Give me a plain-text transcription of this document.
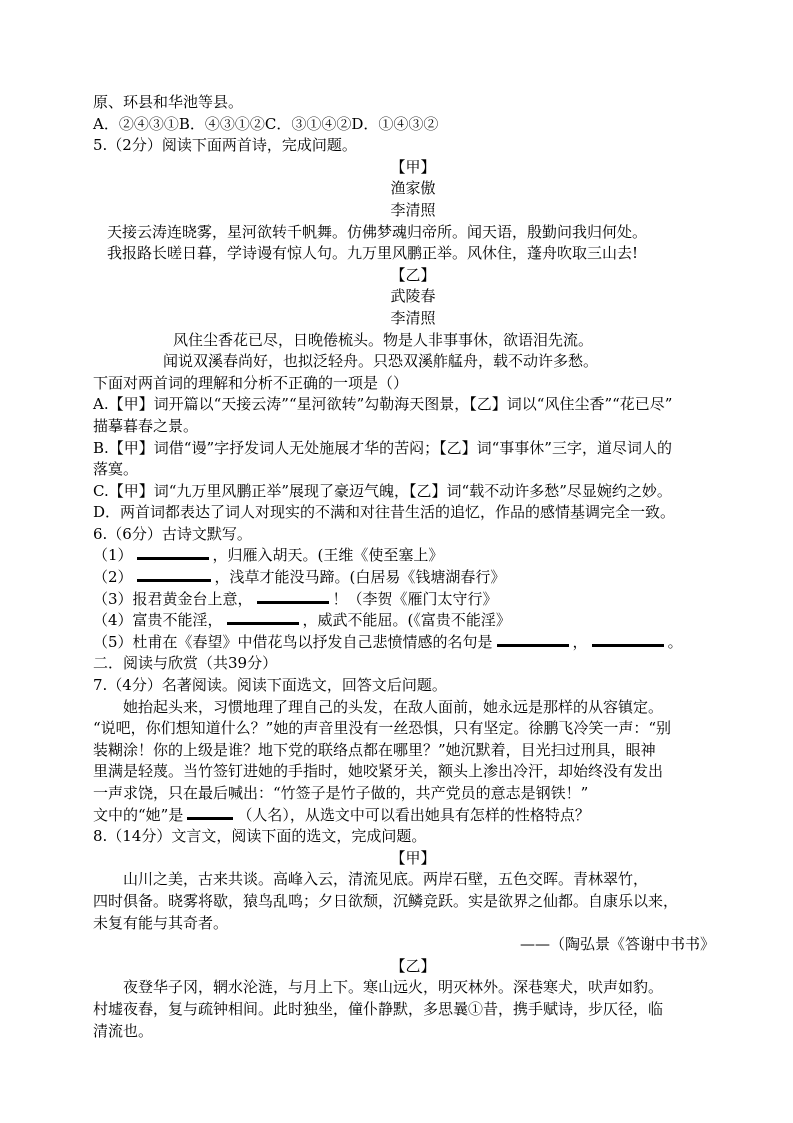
原、环县和华池等县。
A．②④③①B．④③①②C．③①④②D．①④③②
5.（2分）阅读下面两首诗，完成问题。
【甲】
渔家傲
李清照
天接云涛连晓雾，星河欲转千帆舞。仿佛梦魂归帝所。闻天语，殷勤问我归何处。
我报路长嗟日暮，学诗谩有惊人句。九万里风鹏正举。风休住，蓬舟吹取三山去!
【乙】
武陵春
李清照
风住尘香花已尽，日晚倦梳头。物是人非事事休，欲语泪先流。
闻说双溪春尚好，也拟泛轻舟。只恐双溪舴艋舟，载不动许多愁。
下面对两首词的理解和分析不正确的一项是（）
A.【甲】词开篇以“天接云涛”“星河欲转”勾勒海天图景，【乙】词以“风住尘香”“花已尽”
描摹暮春之景。
B.【甲】词借“谩”字抒发词人无处施展才华的苦闷；【乙】词“事事休”三字，道尽词人的
落寞。
C.【甲】词“九万里风鹏正举”展现了豪迈气魄，【乙】词“载不动许多愁”尽显婉约之妙。
D．两首词都表达了词人对现实的不满和对往昔生活的追忆，作品的感情基调完全一致。
6.（6分）古诗文默写。
（1）	，归雁入胡天。(王维《使至塞上》
（2）	，浅草才能没马蹄。(白居易《钱塘湖春行》
（3）报君黄金台上意，	！（李贺《雁门太守行》
（4）富贵不能淫，	，威武不能屈。(《富贵不能淫》
（5）杜甫在《春望》中借花鸟以抒发自己悲愤情感的名句是	，	。
二．阅读与欣赏（共39分）
7.（4分）名著阅读。阅读下面选文，回答文后问题。
她抬起头来，习惯地理了理自己的头发，在敌人面前，她永远是那样的从容镇定。
“说吧，你们想知道什么？”她的声音里没有一丝恐惧，只有坚定。徐鹏飞冷笑一声：“别
装糊涂！你的上级是谁？地下党的联络点都在哪里？”她沉默着，目光扫过刑具，眼神
里满是轻蔑。当竹签钉进她的手指时，她咬紧牙关，额头上渗出冷汗，却始终没有发出
一声求饶，只在最后喊出：“竹签子是竹子做的，共产党员的意志是钢铁！”
文中的“她”是	（人名），从选文中可以看出她具有怎样的性格特点？
8.（14分）文言文，阅读下面的选文，完成问题。
【甲】
山川之美，古来共谈。高峰入云，清流见底。两岸石壁，五色交晖。青林翠竹，
四时俱备。晓雾将歇，猿鸟乱鸣；夕日欲颓，沉鳞竞跃。实是欲界之仙都。自康乐以来，
未复有能与其奇者。
——（陶弘景《答谢中书书》
【乙】
夜登华子冈，辋水沦涟，与月上下。寒山远火，明灭林外。深巷寒犬，吠声如豹。
村墟夜舂，复与疏钟相间。此时独坐，僮仆静默，多思曩①昔，携手赋诗，步仄径，临
清流也。
